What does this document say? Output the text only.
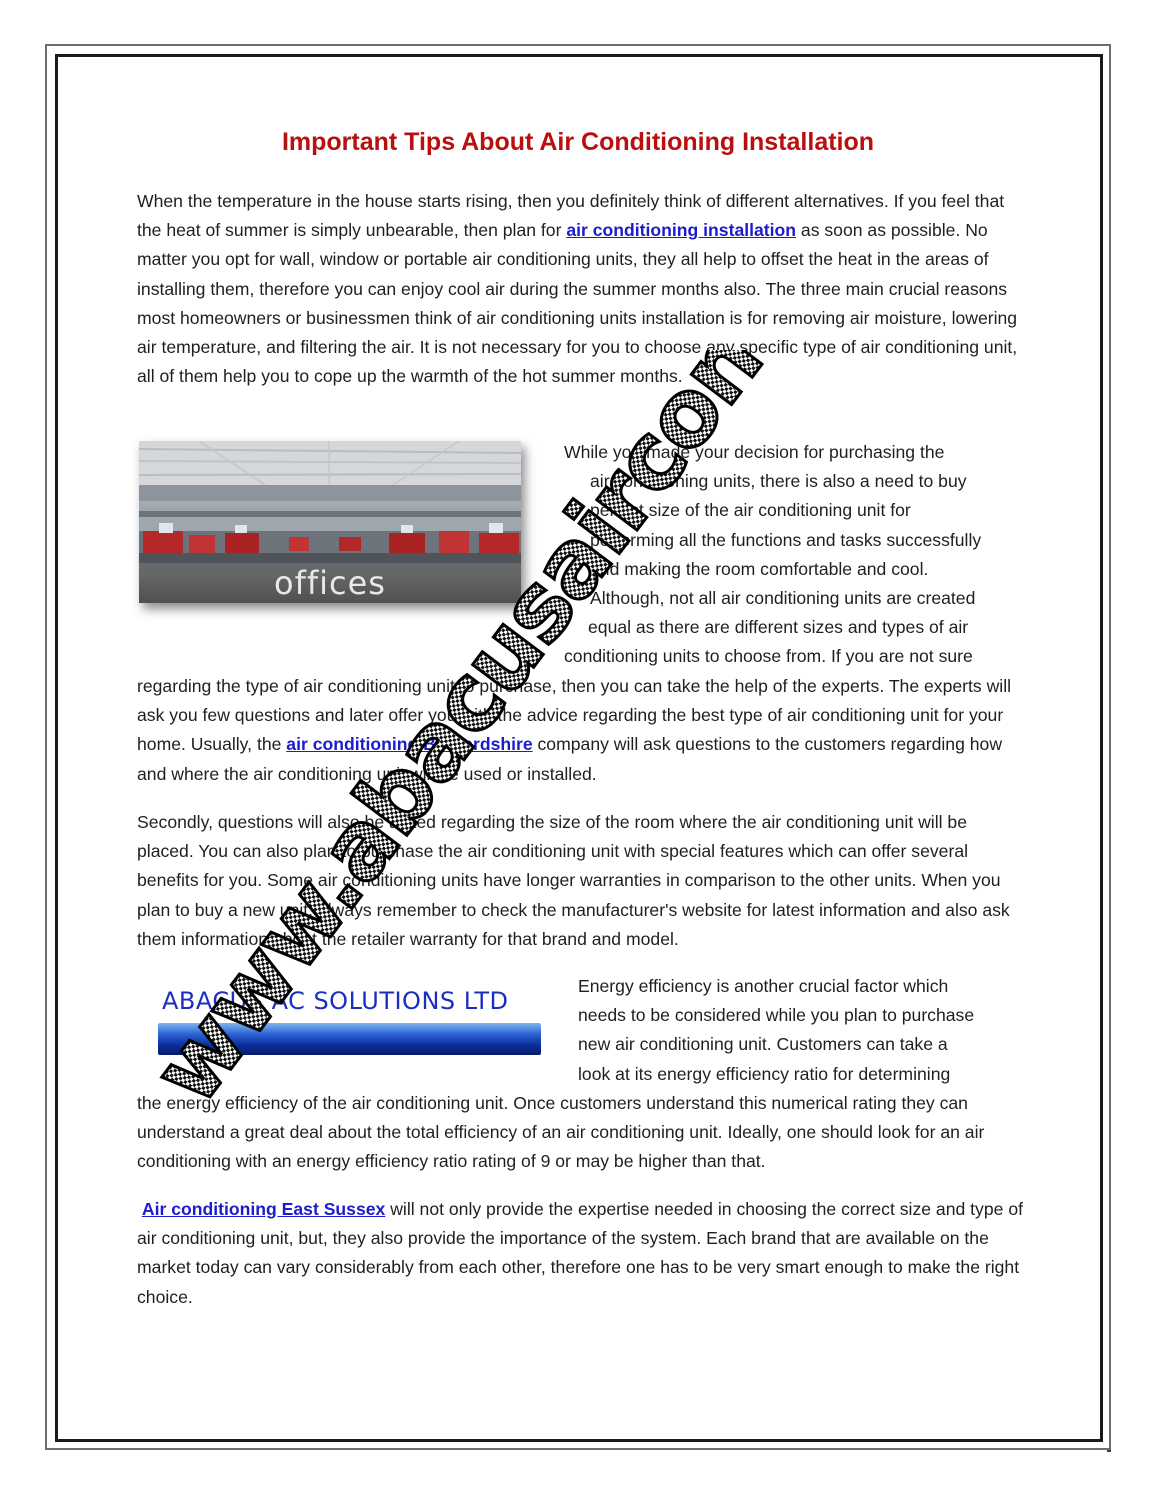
Important Tips About Air Conditioning Installation

When the temperature in the house starts rising, then you definitely think of different alternatives. If you feel that the heat of summer is simply unbearable, then plan for air conditioning installation as soon as possible. No matter you opt for wall, window or portable air conditioning units, they all help to offset the heat in the areas of installing them, therefore you can enjoy cool air during the summer months also. The three main crucial reasons most homeowners or businessmen think of air conditioning units installation is for removing air moisture, lowering air temperature, and filtering the air. It is not necessary for you to choose any specific type of air conditioning unit, all of them help you to cope up the warmth of the hot summer months.

offices

While you made your decision for purchasing the
air conditioning units, there is also a need to buy
perfect size of the air conditioning unit for
performing all the functions and tasks successfully
and making the room comfortable and cool.
Although, not all air conditioning units are created
equal as there are different sizes and types of air
conditioning units to choose from. If you are not sure

regarding the type of air conditioning unit to purchase, then you can take the help of the experts. The experts will ask you few questions and later offer you with the advice regarding the best type of air conditioning unit for your home. Usually, the air conditioning Bedfordshire company will ask questions to the customers regarding how and where the air conditioning unit will be used or installed.

Secondly, questions will also be asked regarding the size of the room where the air conditioning unit will be placed. You can also plan to purchase the air conditioning unit with special features which can offer several benefits for you. Some air conditioning units have longer warranties in comparison to the other units. When you plan to buy a new unit, always remember to check the manufacturer's website for latest information and also ask them information about the retailer warranty for that brand and model.

ABACUS AC SOLUTIONS LTD

Energy efficiency is another crucial factor which
needs to be considered while you plan to purchase
new air conditioning unit. Customers can take a
look at its energy efficiency ratio for determining

the energy efficiency of the air conditioning unit. Once customers understand this numerical rating they can understand a great deal about the total efficiency of an air conditioning unit. Ideally, one should look for an air conditioning with an energy efficiency ratio rating of 9 or may be higher than that.

Air conditioning East Sussex will not only provide the expertise needed in choosing the correct size and type of air conditioning unit, but, they also provide the importance of the system. Each brand that are available on the market today can vary considerably from each other, therefore one has to be very smart enough to make the right choice.
